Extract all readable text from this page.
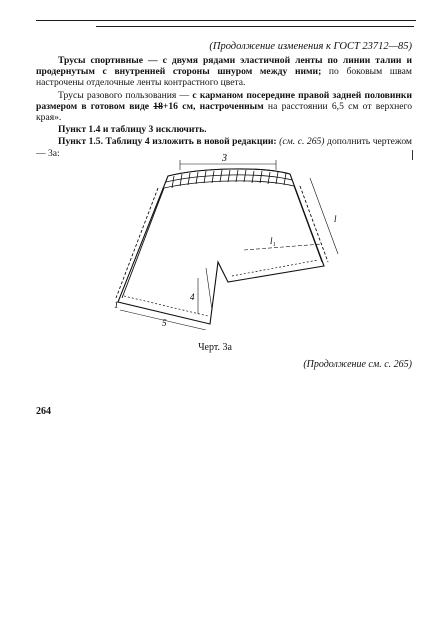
(Продолжение изменения к ГОСТ 23712—85)

Трусы спортивные — с двумя рядами эластичной ленты по линии талии и продернутым с внутренней стороны шнуром между ними; по боковым швам настрочены отделочные ленты контрастного цвета.

Трусы разового пользования — с карманом посередине правой задней половинки размером в готовом виде 18+16 см, настроченным на расстоянии 6,5 см от верхнего края».

Пункт 1.4 и таблицу 3 исключить.

Пункт 1.5. Таблицу 4 изложить в новой редакции: (см. с. 265) дополнить чертежом — 3а:	3
l₁
l
5
4
1
Черт. 3а
(Продолжение см. с. 265)
264
